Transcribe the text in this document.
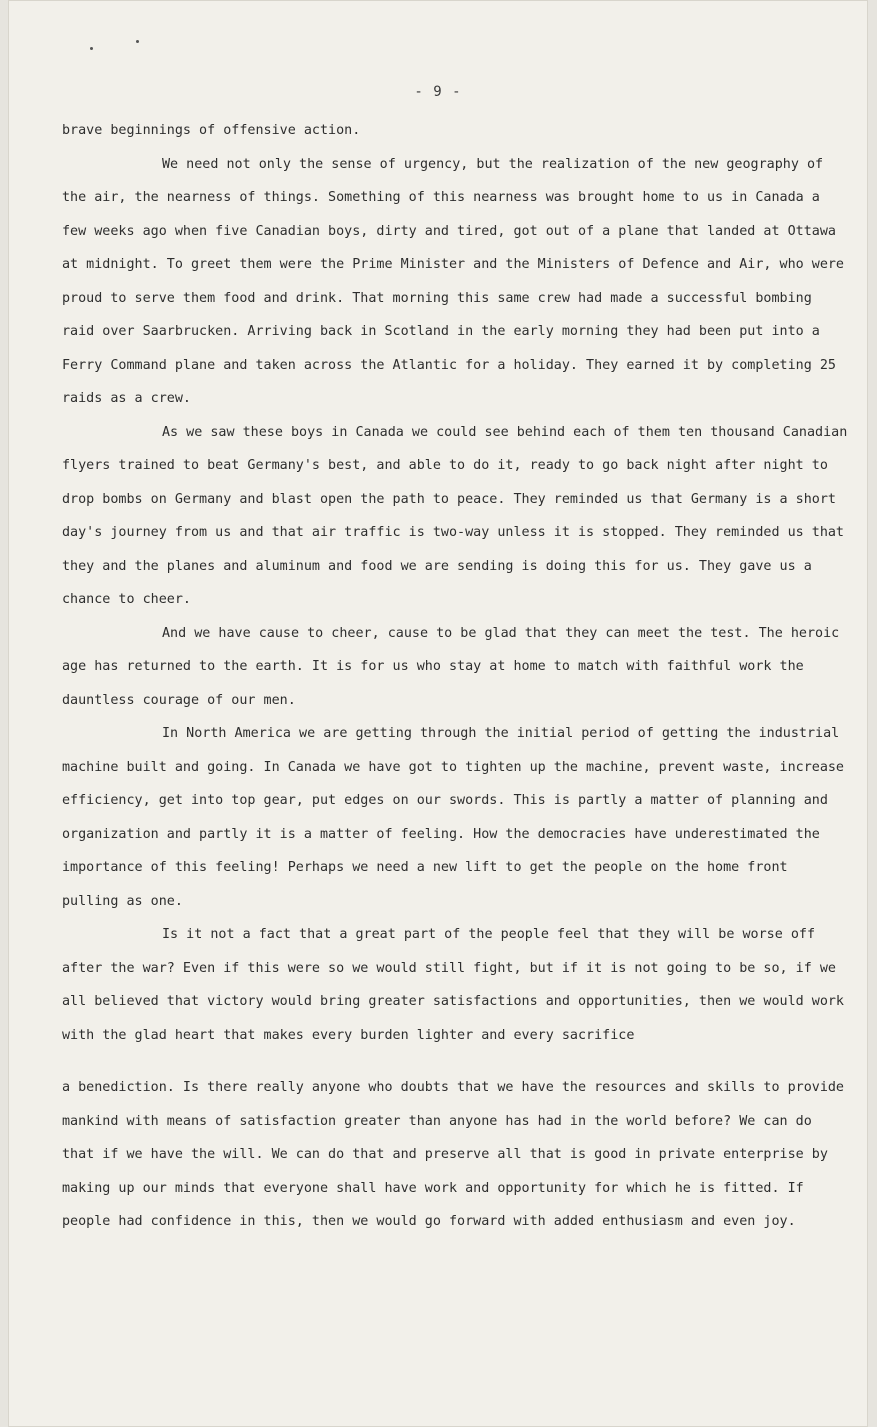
- 9 -

brave beginnings of offensive action.

We need not only the sense of urgency, but the realization of the new geography of the air, the nearness of things. Something of this nearness was brought home to us in Canada a few weeks ago when five Canadian boys, dirty and tired, got out of a plane that landed at Ottawa at midnight. To greet them were the Prime Minister and the Ministers of Defence and Air, who were proud to serve them food and drink. That morning this same crew had made a successful bombing raid over Saarbrucken. Arriving back in Scotland in the early morning they had been put into a Ferry Command plane and taken across the Atlantic for a holiday. They earned it by completing 25 raids as a crew.

As we saw these boys in Canada we could see behind each of them ten thousand Canadian flyers trained to beat Germany's best, and able to do it, ready to go back night after night to drop bombs on Germany and blast open the path to peace. They reminded us that Germany is a short day's journey from us and that air traffic is two-way unless it is stopped. They reminded us that they and the planes and aluminum and food we are sending is doing this for us. They gave us a chance to cheer.

And we have cause to cheer, cause to be glad that they can meet the test. The heroic age has returned to the earth. It is for us who stay at home to match with faithful work the dauntless courage of our men.

In North America we are getting through the initial period of getting the industrial machine built and going. In Canada we have got to tighten up the machine, prevent waste, increase efficiency, get into top gear, put edges on our swords. This is partly a matter of planning and organization and partly it is a matter of feeling. How the democracies have underestimated the importance of this feeling! Perhaps we need a new lift to get the people on the home front pulling as one.

Is it not a fact that a great part of the people feel that they will be worse off after the war? Even if this were so we would still fight, but if it is not going to be so, if we all believed that victory would bring greater satisfactions and opportunities, then we would work with the glad heart that makes every burden lighter and every sacrifice

a benediction. Is there really anyone who doubts that we have the resources and skills to provide mankind with means of satisfaction greater than anyone has had in the world before? We can do that if we have the will. We can do that and preserve all that is good in private enterprise by making up our minds that everyone shall have work and opportunity for which he is fitted. If people had confidence in this, then we would go forward with added enthusiasm and even joy.
